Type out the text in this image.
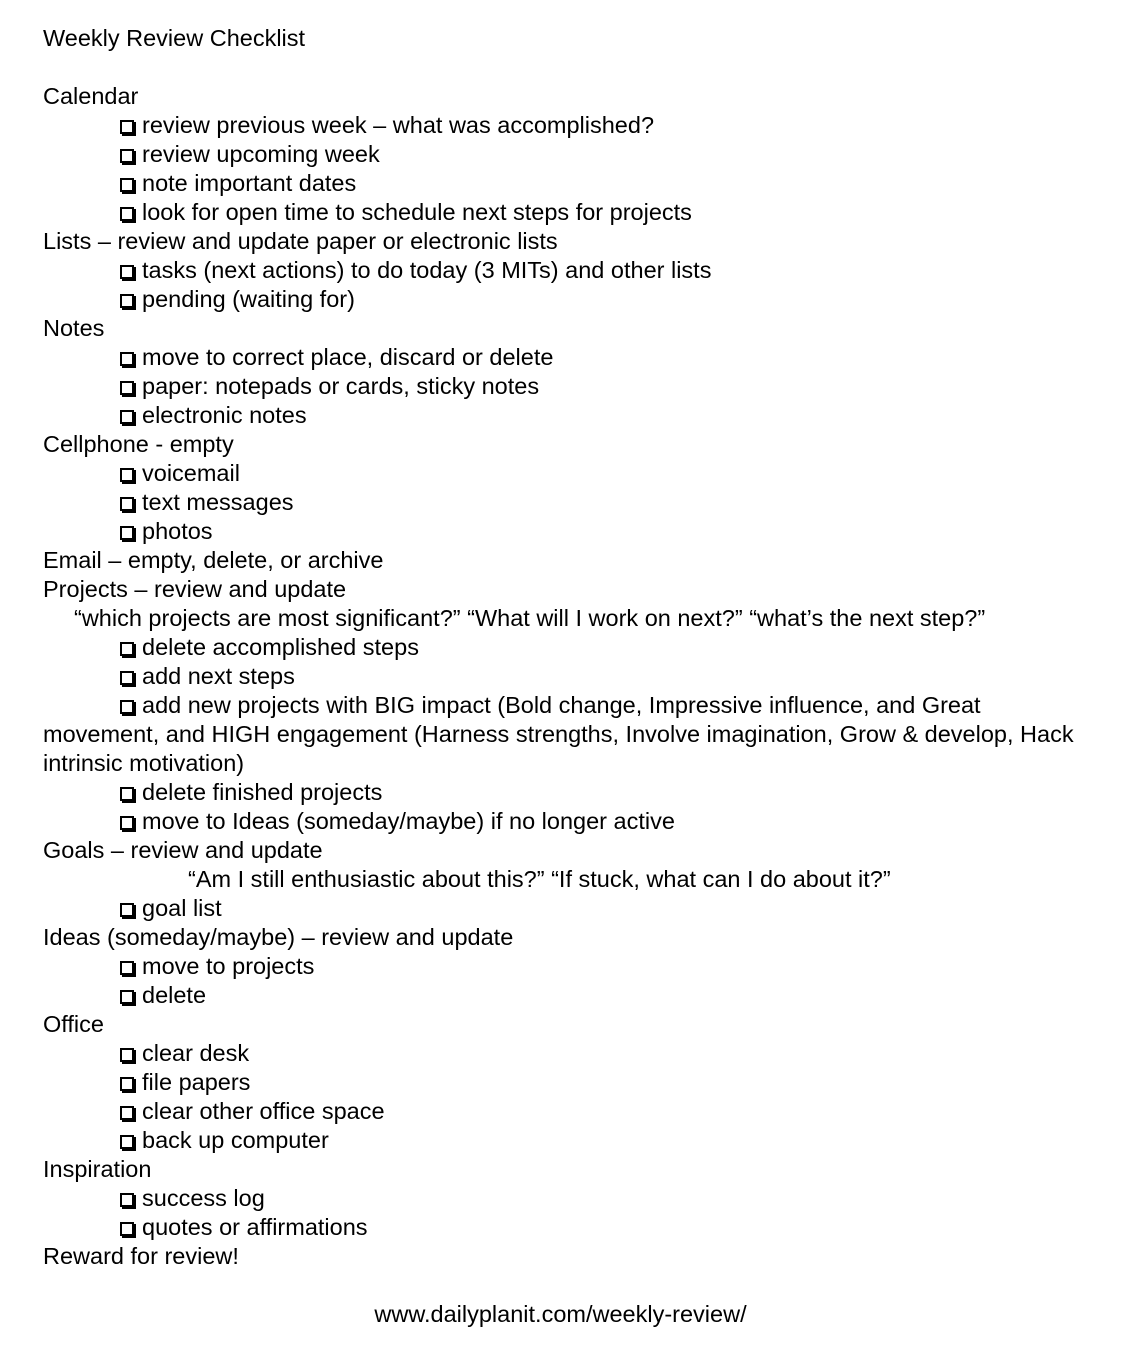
Weekly Review Checklist
Calendar
review previous week – what was accomplished?
review upcoming week
note important dates
look for open time to schedule next steps for projects
Lists – review and update paper or electronic lists
tasks (next actions) to do today (3 MITs) and other lists
pending (waiting for)
Notes
move to correct place, discard or delete
paper: notepads or cards, sticky notes
electronic notes
Cellphone - empty
voicemail
text messages
photos
Email – empty, delete, or archive
Projects – review and update
“which projects are most significant?” “What will I work on next?” “what’s the next step?”
delete accomplished steps
add next steps
add new projects with BIG impact (Bold change, Impressive influence, and Great movement, and HIGH engagement (Harness strengths, Involve imagination, Grow & develop, Hack intrinsic motivation)
delete finished projects
move to Ideas (someday/maybe) if no longer active
Goals – review and update
“Am I still enthusiastic about this?” “If stuck, what can I do about it?”
goal list
Ideas (someday/maybe) – review and update
move to projects
delete
Office
clear desk
file papers
clear other office space
back up computer
Inspiration
success log
quotes or affirmations
Reward for review!
www.dailyplanit.com/weekly-review/
